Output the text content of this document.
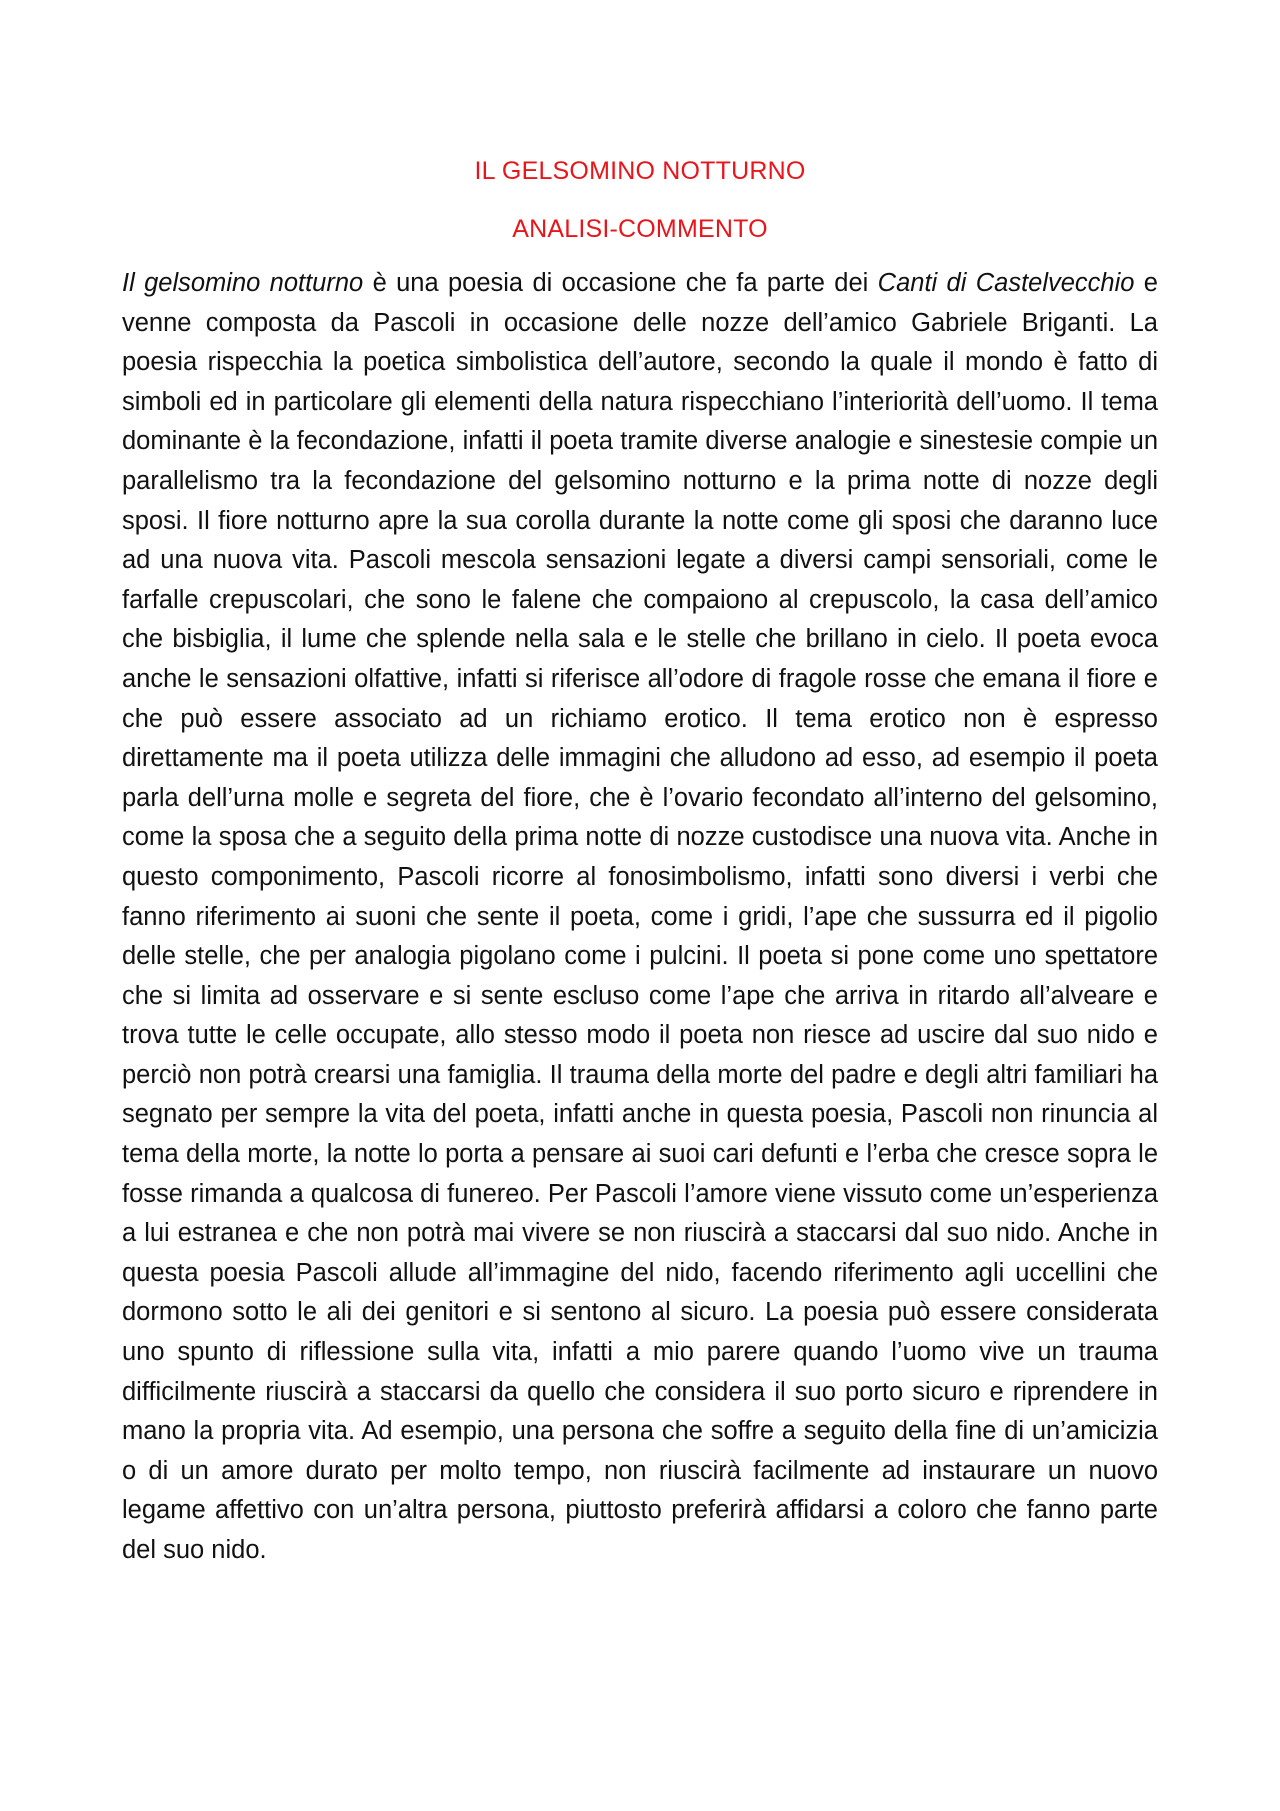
IL GELSOMINO NOTTURNO
ANALISI-COMMENTO
Il gelsomino notturno è una poesia di occasione che fa parte dei Canti di Castelvecchio e venne composta da Pascoli in occasione delle nozze dell’amico Gabriele Briganti. La poesia rispecchia la poetica simbolistica dell’autore, secondo la quale il mondo è fatto di simboli ed in particolare gli elementi della natura rispecchiano l’interiorità dell’uomo. Il tema dominante è la fecondazione, infatti il poeta tramite diverse analogie e sinestesie compie un parallelismo tra la fecondazione del gelsomino notturno e la prima notte di nozze degli sposi. Il fiore notturno apre la sua corolla durante la notte come gli sposi che daranno luce ad una nuova vita. Pascoli mescola sensazioni legate a diversi campi sensoriali, come le farfalle crepuscolari, che sono le falene che compaiono al crepuscolo, la casa dell’amico che bisbiglia, il lume che splende nella sala e le stelle che brillano in cielo. Il poeta evoca anche le sensazioni olfattive, infatti si riferisce all’odore di fragole rosse che emana il fiore e che può essere associato ad un richiamo erotico. Il tema erotico non è espresso direttamente ma il poeta utilizza delle immagini che alludono ad esso, ad esempio il poeta parla dell’urna molle e segreta del fiore, che è l’ovario fecondato all’interno del gelsomino, come la sposa che a seguito della prima notte di nozze custodisce una nuova vita. Anche in questo componimento, Pascoli ricorre al fonosimbolismo, infatti sono diversi i verbi che fanno riferimento ai suoni che sente il poeta, come i gridi, l’ape che sussurra ed il pigolio delle stelle, che per analogia pigolano come i pulcini. Il poeta si pone come uno spettatore che si limita ad osservare e si sente escluso come l’ape che arriva in ritardo all’alveare e trova tutte le celle occupate, allo stesso modo il poeta non riesce ad uscire dal suo nido e perciò non potrà crearsi una famiglia. Il trauma della morte del padre e degli altri familiari ha segnato per sempre la vita del poeta, infatti anche in questa poesia, Pascoli non rinuncia al tema della morte, la notte lo porta a pensare ai suoi cari defunti e l’erba che cresce sopra le fosse rimanda a qualcosa di funereo. Per Pascoli l’amore viene vissuto come un’esperienza a lui estranea e che non potrà mai vivere se non riuscirà a staccarsi dal suo nido. Anche in questa poesia Pascoli allude all’immagine del nido, facendo riferimento agli uccellini che dormono sotto le ali dei genitori e si sentono al sicuro. La poesia può essere considerata uno spunto di riflessione sulla vita, infatti a mio parere quando l’uomo vive un trauma difficilmente riuscirà a staccarsi da quello che considera il suo porto sicuro e riprendere in mano la propria vita. Ad esempio, una persona che soffre a seguito della fine di un’amicizia o di un amore durato per molto tempo, non riuscirà facilmente ad instaurare un nuovo legame affettivo con un’altra persona, piuttosto preferirà affidarsi a coloro che fanno parte del suo nido.
